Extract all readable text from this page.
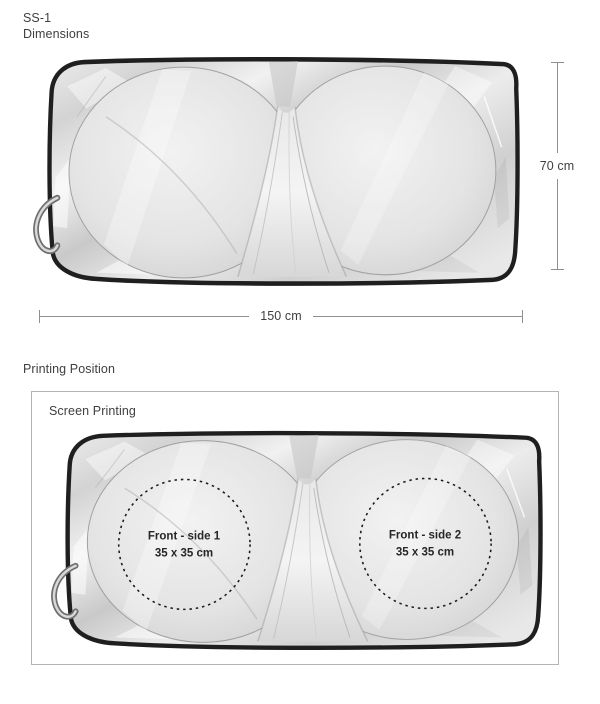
SS-1
Dimensions
70 cm
150 cm
Printing Position
Screen Printing
Front - side 1
35 x 35 cm
Front - side 2
35 x 35 cm
